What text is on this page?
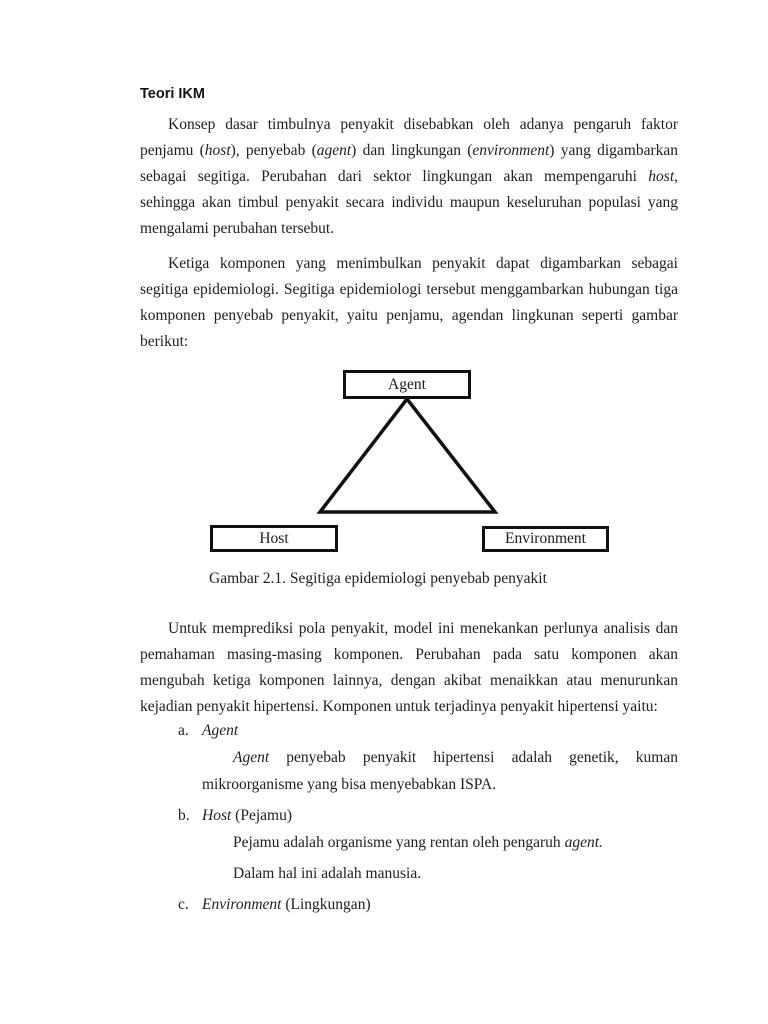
Teori IKM
Konsep dasar timbulnya penyakit disebabkan oleh adanya pengaruh faktor
penjamu (host), penyebab (agent) dan lingkungan (environment) yang digambarkan
sebagai segitiga. Perubahan dari sektor lingkungan akan mempengaruhi host,
sehingga akan timbul penyakit secara individu maupun keseluruhan populasi yang
mengalami perubahan tersebut.
Ketiga komponen yang menimbulkan penyakit dapat digambarkan sebagai
segitiga epidemiologi. Segitiga epidemiologi tersebut menggambarkan hubungan tiga
komponen penyebab penyakit, yaitu penjamu, agendan lingkunan seperti gambar
berikut:
Agent
Host	Environment
Gambar 2.1. Segitiga epidemiologi penyebab penyakit
Untuk memprediksi pola penyakit, model ini menekankan perlunya analisis dan
pemahaman masing-masing komponen. Perubahan pada satu komponen akan
mengubah ketiga komponen lainnya, dengan akibat menaikkan atau menurunkan
kejadian penyakit hipertensi. Komponen untuk terjadinya penyakit hipertensi yaitu:
a. Agent
Agent penyebab penyakit hipertensi adalah genetik, kuman
mikroorganisme yang bisa menyebabkan ISPA.
b. Host (Pejamu)
Pejamu adalah organisme yang rentan oleh pengaruh agent.
Dalam hal ini adalah manusia.
c. Environment (Lingkungan)
